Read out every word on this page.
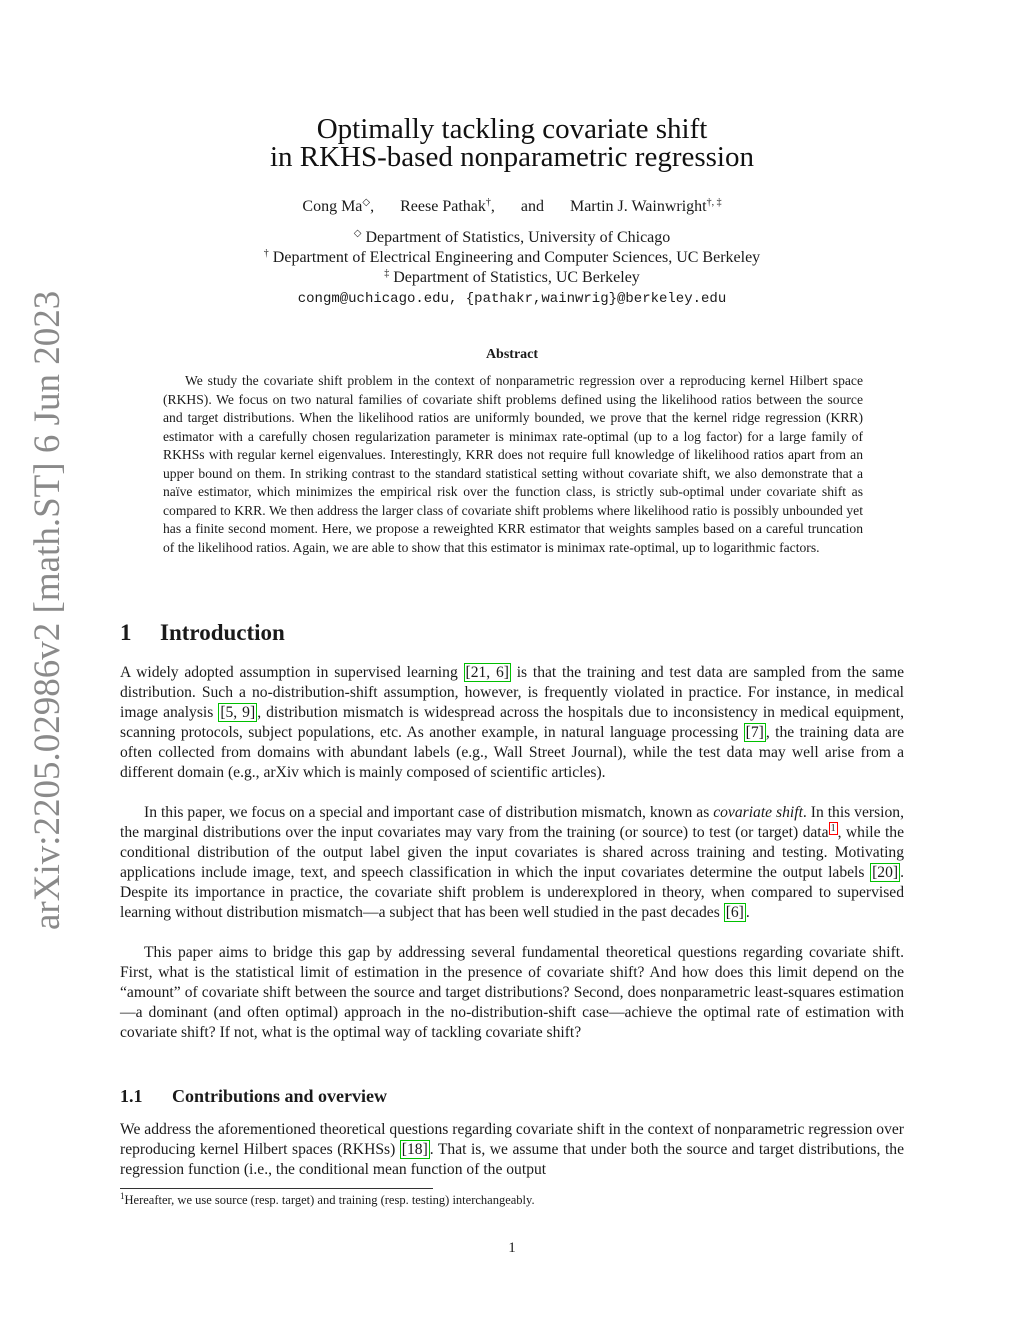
arXiv:2205.02986v2 [math.ST] 6 Jun 2023
Optimally tackling covariate shift
in RKHS-based nonparametric regression
Cong Ma◇, Reese Pathak†, and Martin J. Wainwright†, ‡
◇ Department of Statistics, University of Chicago
† Department of Electrical Engineering and Computer Sciences, UC Berkeley
‡ Department of Statistics, UC Berkeley
congm@uchicago.edu, {pathakr,wainwrig}@berkeley.edu
Abstract
We study the covariate shift problem in the context of nonparametric regression over a reproducing kernel Hilbert space (RKHS). We focus on two natural families of covariate shift problems defined using the likelihood ratios between the source and target distributions. When the likelihood ratios are uniformly bounded, we prove that the kernel ridge regression (KRR) estimator with a carefully chosen regularization parameter is minimax rate-optimal (up to a log factor) for a large family of RKHSs with regular kernel eigenvalues. Interestingly, KRR does not require full knowledge of likelihood ratios apart from an upper bound on them. In striking contrast to the standard statistical setting without covariate shift, we also demonstrate that a naïve estimator, which minimizes the empirical risk over the function class, is strictly sub-optimal under covariate shift as compared to KRR. We then address the larger class of covariate shift problems where likelihood ratio is possibly unbounded yet has a finite second moment. Here, we propose a reweighted KRR estimator that weights samples based on a careful truncation of the likelihood ratios. Again, we are able to show that this estimator is minimax rate-optimal, up to logarithmic factors.
1 Introduction
A widely adopted assumption in supervised learning [21, 6] is that the training and test data are sampled from the same distribution. Such a no-distribution-shift assumption, however, is frequently violated in practice. For instance, in medical image analysis [5, 9] , distribution mismatch is widespread across the hospitals due to inconsistency in medical equipment, scanning protocols, subject populations, etc. As another example, in natural language processing [7] , the training data are often collected from domains with abundant labels (e.g., Wall Street Journal), while the test data may well arise from a different domain (e.g., arXiv which is mainly composed of scientific articles).
In this paper, we focus on a special and important case of distribution mismatch, known as covariate shift. In this version, the marginal distributions over the input covariates may vary from the training (or source) to test (or target) data $^1$ , while the conditional distribution of the output label given the input covariates is shared across training and testing. Motivating applications include image, text, and speech classification in which the input covariates determine the output labels [20] . Despite its importance in practice, the covariate shift problem is underexplored in theory, when compared to supervised learning without distribution mismatch—a subject that has been well studied in the past decades [6] .
This paper aims to bridge this gap by addressing several fundamental theoretical questions regarding covariate shift. First, what is the statistical limit of estimation in the presence of covariate shift? And how does this limit depend on the “amount” of covariate shift between the source and target distributions? Second, does nonparametric least-squares estimation—a dominant (and often optimal) approach in the no-distribution-shift case—achieve the optimal rate of estimation with covariate shift? If not, what is the optimal way of tackling covariate shift?
1.1 Contributions and overview
We address the aforementioned theoretical questions regarding covariate shift in the context of nonparametric regression over reproducing kernel Hilbert spaces (RKHSs) [18] . That is, we assume that under both the source and target distributions, the regression function (i.e., the conditional mean function of the output
$^1$Hereafter, we use source (resp. target) and training (resp. testing) interchangeably.
1
